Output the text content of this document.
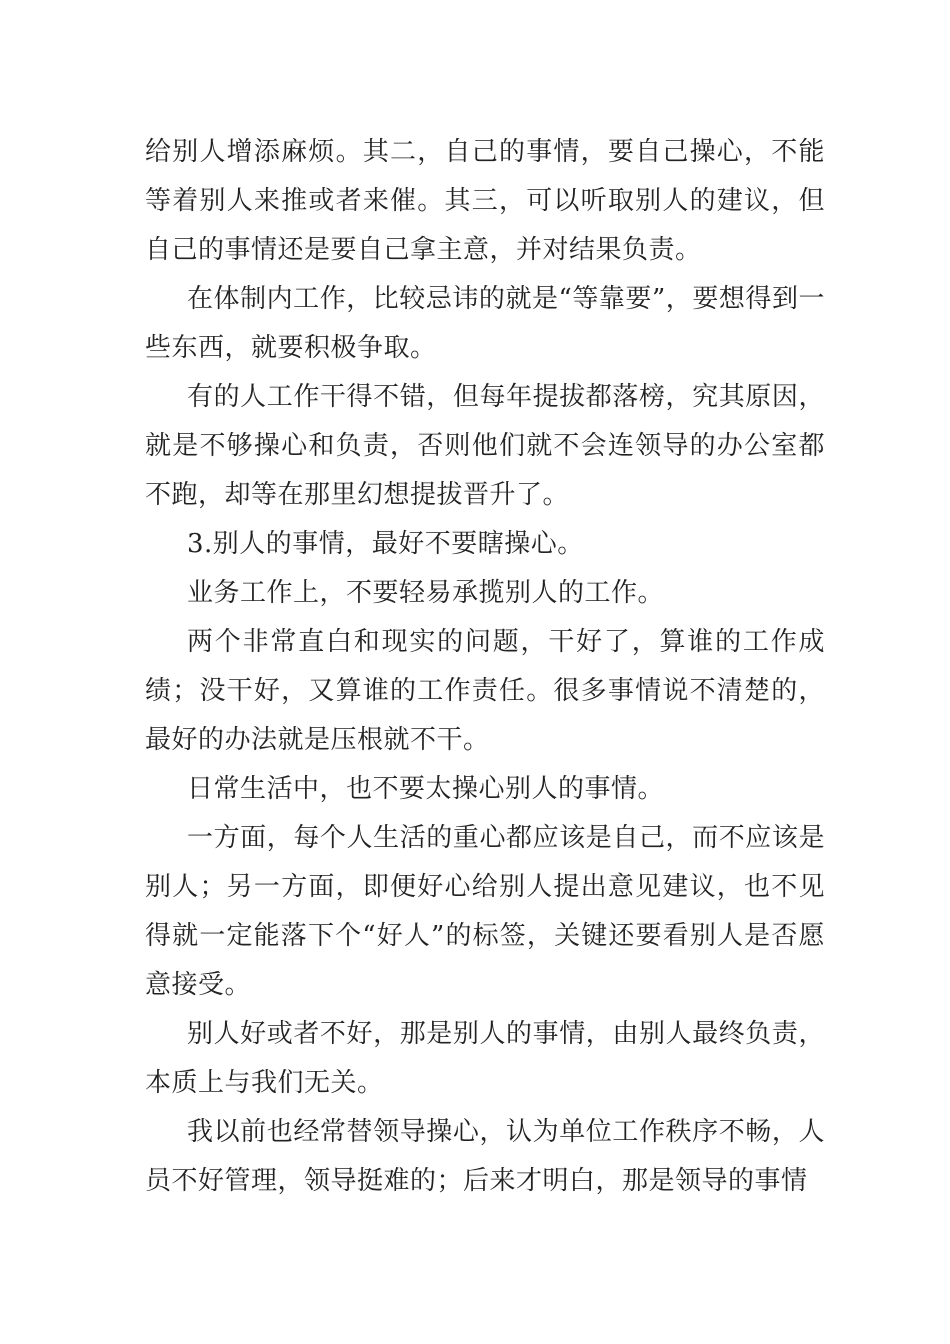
给别人增添麻烦。其二，自己的事情，要自己操心，不能等着别人来推或者来催。其三，可以听取别人的建议，但自己的事情还是要自己拿主意，并对结果负责。

在体制内工作，比较忌讳的就是“等靠要”，要想得到一些东西，就要积极争取。

有的人工作干得不错，但每年提拔都落榜，究其原因，就是不够操心和负责，否则他们就不会连领导的办公室都不跑，却等在那里幻想提拔晋升了。

3.别人的事情，最好不要瞎操心。

业务工作上，不要轻易承揽别人的工作。

两个非常直白和现实的问题，干好了，算谁的工作成绩；没干好，又算谁的工作责任。很多事情说不清楚的，最好的办法就是压根就不干。

日常生活中，也不要太操心别人的事情。

一方面，每个人生活的重心都应该是自己，而不应该是别人；另一方面，即便好心给别人提出意见建议，也不见得就一定能落下个“好人”的标签，关键还要看别人是否愿意接受。

别人好或者不好，那是别人的事情，由别人最终负责，本质上与我们无关。

我以前也经常替领导操心，认为单位工作秩序不畅，人员不好管理，领导挺难的；后来才明白，那是领导的事情
